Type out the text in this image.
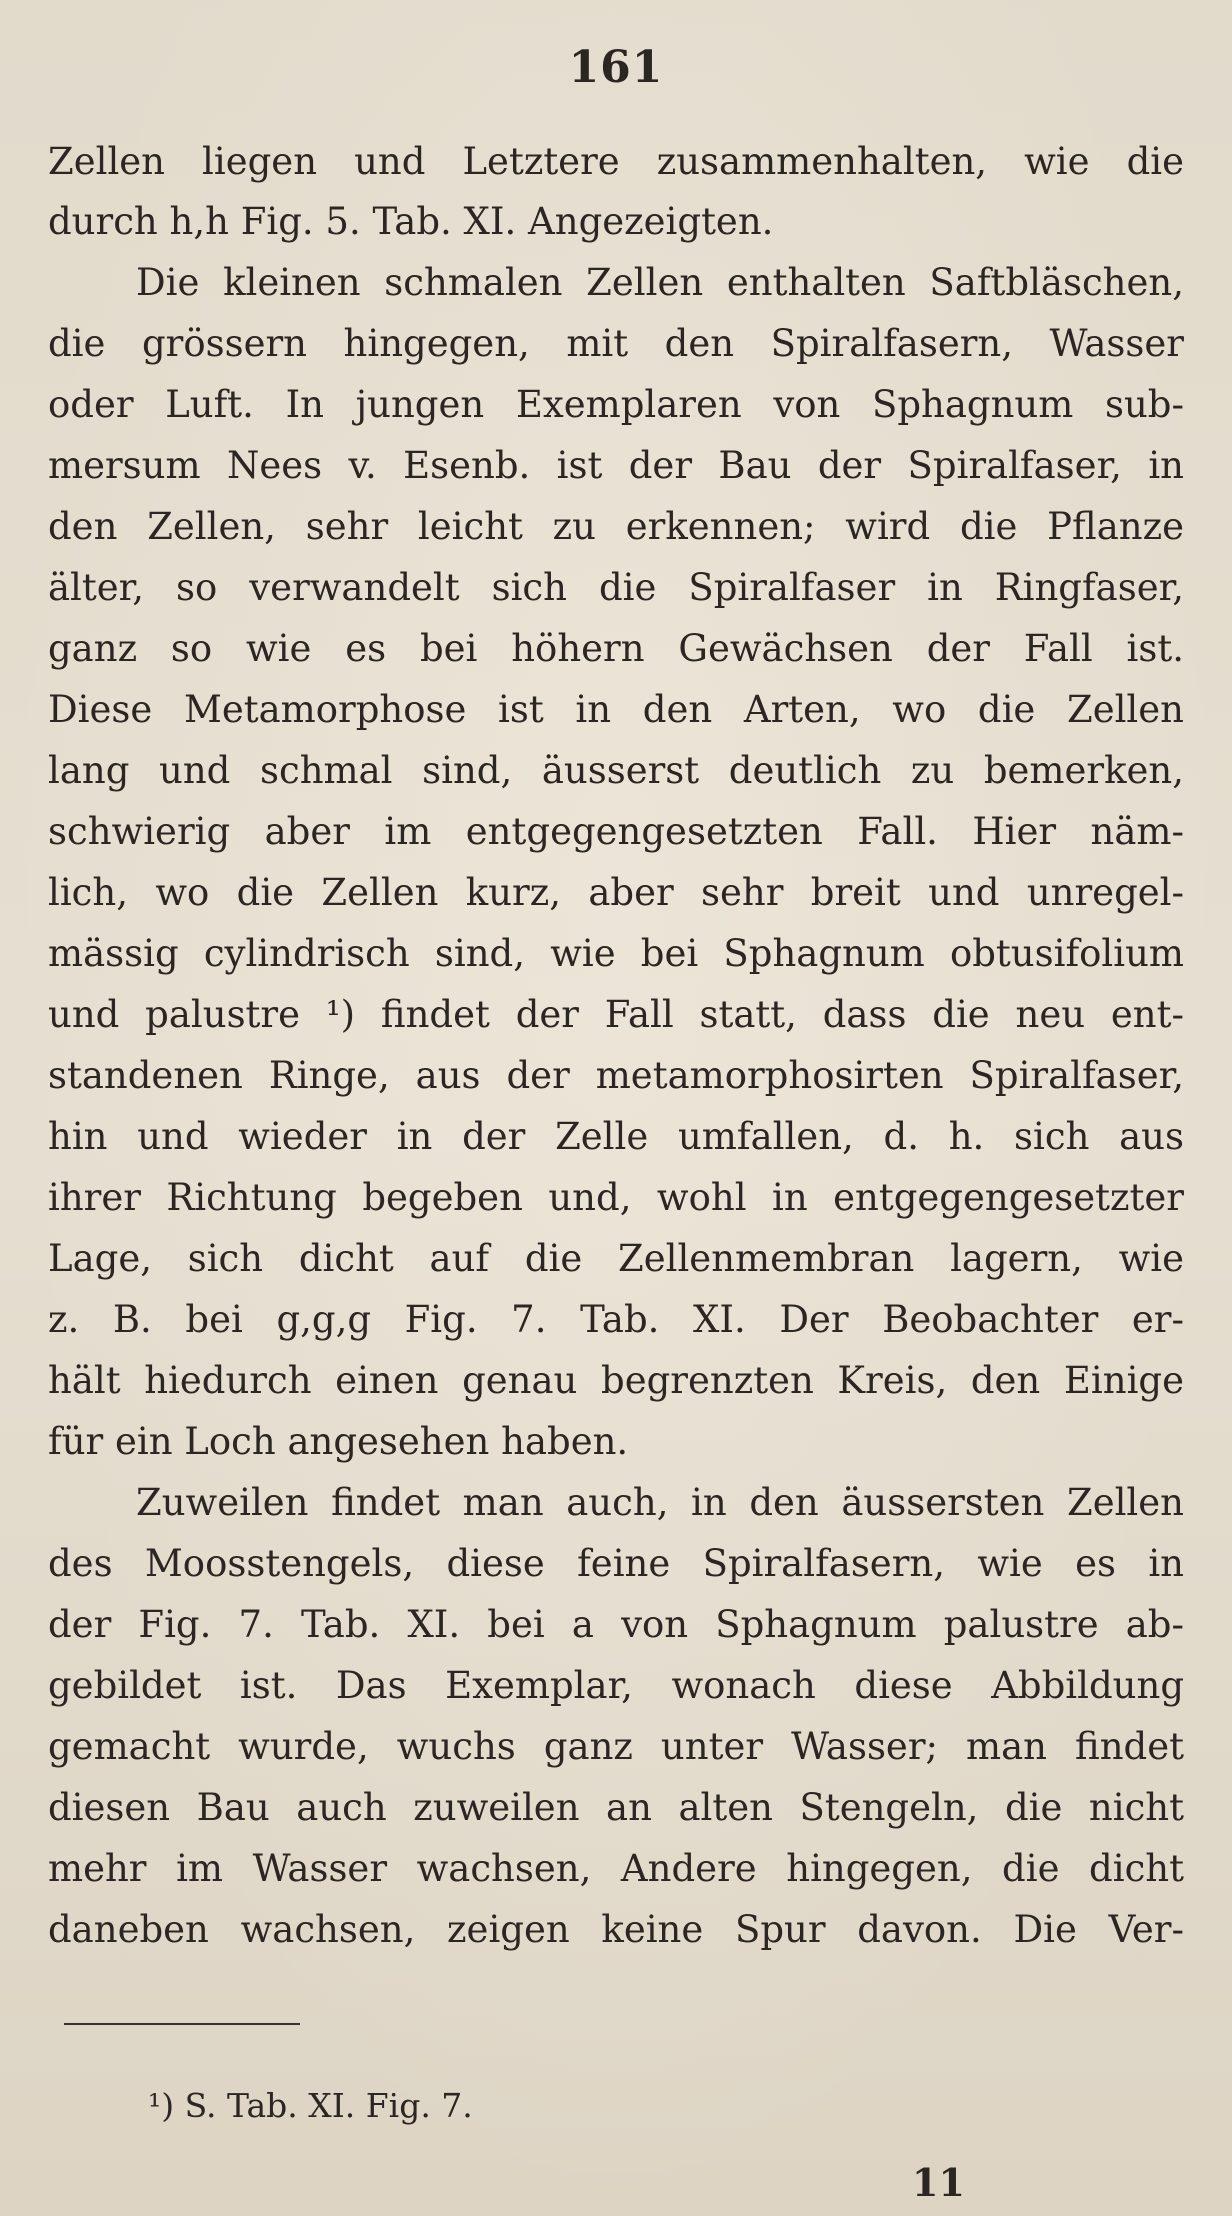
161
Zellen liegen und Letztere zusammenhalten, wie die
durch h,h Fig. 5. Tab. XI. Angezeigten.
Die kleinen schmalen Zellen enthalten Saftbläschen,
die grössern hingegen, mit den Spiralfasern, Wasser
oder Luft. In jungen Exemplaren von Sphagnum sub-
mersum Nees v. Esenb. ist der Bau der Spiralfaser, in
den Zellen, sehr leicht zu erkennen; wird die Pflanze
älter, so verwandelt sich die Spiralfaser in Ringfaser,
ganz so wie es bei höhern Gewächsen der Fall ist.
Diese Metamorphose ist in den Arten, wo die Zellen
lang und schmal sind, äusserst deutlich zu bemerken,
schwierig aber im entgegengesetzten Fall. Hier näm-
lich, wo die Zellen kurz, aber sehr breit und unregel-
mässig cylindrisch sind, wie bei Sphagnum obtusifolium
und palustre ¹) findet der Fall statt, dass die neu ent-
standenen Ringe, aus der metamorphosirten Spiralfaser,
hin und wieder in der Zelle umfallen, d. h. sich aus
ihrer Richtung begeben und, wohl in entgegengesetzter
Lage, sich dicht auf die Zellenmembran lagern, wie
z. B. bei g,g,g Fig. 7. Tab. XI. Der Beobachter er-
hält hiedurch einen genau begrenzten Kreis, den Einige
für ein Loch angesehen haben.
Zuweilen findet man auch, in den äussersten Zellen
des Moosstengels, diese feine Spiralfasern, wie es in
der Fig. 7. Tab. XI. bei a von Sphagnum palustre ab-
gebildet ist. Das Exemplar, wonach diese Abbildung
gemacht wurde, wuchs ganz unter Wasser; man findet
diesen Bau auch zuweilen an alten Stengeln, die nicht
mehr im Wasser wachsen, Andere hingegen, die dicht
daneben wachsen, zeigen keine Spur davon. Die Ver-
¹) S. Tab. XI. Fig. 7.
11
